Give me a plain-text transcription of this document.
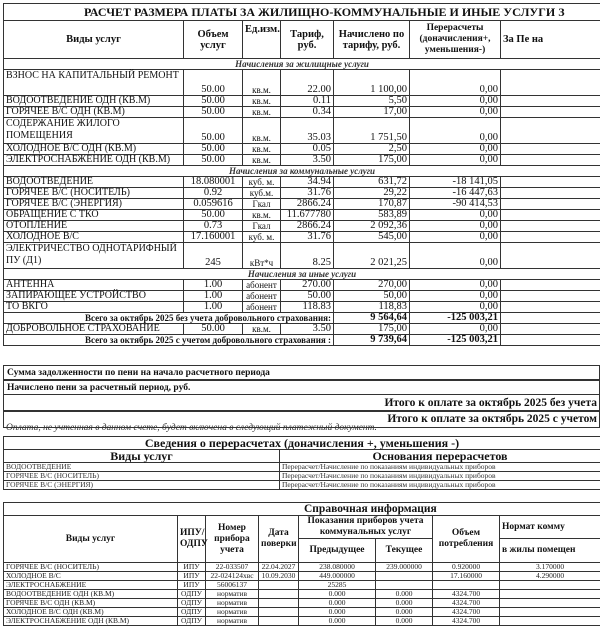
РАСЧЕТ РАЗМЕРА ПЛАТЫ ЗА ЖИЛИЩНО-КОММУНАЛЬНЫЕ И ИНЫЕ УСЛУГИ З						
Виды услуг	Объем услуг	Ед.изм.	Тариф, руб.	Начислено по тарифу, руб.	Перерасчеты (доначисления+, уменьшения-)	За Пе на
Начисления за жилищные услуги						
ВЗНОС НА КАПИТАЛЬНЫЙ РЕМОНТ	50.00	кв.м.	22.00	1 100,00	0,00	
ВОДООТВЕДЕНИЕ ОДН (КВ.М)	50.00	кв.м.	0.11	5,50	0,00	
ГОРЯЧЕЕ В/С ОДН (КВ.М)	50.00	кв.м.	0.34	17,00	0,00	
СОДЕРЖАНИЕ ЖИЛОГО ПОМЕЩЕНИЯ	50.00	кв.м.	35.03	1 751,50	0,00	
ХОЛОДНОЕ В/С ОДН (КВ.М)	50.00	кв.м.	0.05	2,50	0,00	
ЭЛЕКТРОСНАБЖЕНИЕ ОДН (КВ.М)	50.00	кв.м.	3.50	175,00	0,00	
Начисления за коммунальные услуги						
ВОДООТВЕДЕНИЕ	18.080001	куб. м.	34.94	631,72	-18 141,05	
ГОРЯЧЕЕ В/С (НОСИТЕЛЬ)	0.92	куб.м.	31.76	29,22	-16 447,63	
ГОРЯЧЕЕ В/С (ЭНЕРГИЯ)	0.059616	Гкал	2866.24	170,87	-90 414,53	
ОБРАЩЕНИЕ С ТКО	50.00	кв.м.	11.677780	583,89	0,00	
ОТОПЛЕНИЕ	0.73	Гкал	2866.24	2 092,36	0,00	
ХОЛОДНОЕ В/С	17.160001	куб. м.	31.76	545,00	0,00	
ЭЛЕКТРИЧЕСТВО ОДНОТАРИФНЫЙ ПУ (Д1)	245	кВт*ч	8.25	2 021,25	0,00	
Начисления за иные услуги						
АНТЕННА	1.00	абонент	270.00	270,00	0,00	
ЗАПИРАЮЩЕЕ УСТРОЙСТВО	1.00	абонент	50.00	50,00	0,00	
ТО ВКГО	1.00	абонент	118.83	118,83	0,00	
Всего за октябрь 2025 без учета добровольного страхования:				9 564,64	-125 003,21	
ДОБРОВОЛЬНОЕ СТРАХОВАНИЕ	50.00	кв.м.	3.50	175,00	0,00	
Всего за октябрь 2025 с учетом добровольного страхования :				9 739,64	-125 003,21	
Сумма задолженности по пени на начало расчетного периода
Начислено пени за расчетный период, руб.
Итого к оплате за октябрь 2025 без учета
Итого к оплате за октябрь 2025 с учетом
Оплата, не учтенная в данном счете, будет включена в следующий платежный документ.
Сведения о перерасчетах (доначисления +, уменьшения -)	
Виды услуг	Основания перерасчетов
ВОДООТВЕДЕНИЕ	Перерасчет/Начисление по показаниям индивидуальных приборов
ГОРЯЧЕЕ В/С (НОСИТЕЛЬ)	Перерасчет/Начисление по показаниям индивидуальных приборов
ГОРЯЧЕЕ В/С (ЭНЕРГИЯ)	Перерасчет/Начисление по показаниям индивидуальных приборов
Справочная информация							
Виды услуг	ИПУ/ ОДПУ	Номер прибора учета	Дата поверки	Показания приборов учета коммунальных услуг		Объем потребления	Нормат комму
				Предыдущее	Текущее		в жилы помещен
ГОРЯЧЕЕ В/С (НОСИТЕЛЬ)	ИПУ	22-033507	22.04.2027	238.080000	239.000000	0.920000	3.170000
ХОЛОДНОЕ В/С	ИПУ	22-024124хвс	10.09.2030	449.000000		17.160000	4.290000
ЭЛЕКТРОСНАБЖЕНИЕ	ИПУ	56006137		25285			
ВОДООТВЕДЕНИЕ ОДН (КВ.М)	ОДПУ	норматив		0.000	0.000	4324.700	
ГОРЯЧЕЕ В/С ОДН (КВ.М)	ОДПУ	норматив		0.000	0.000	4324.700	
ХОЛОДНОЕ В/С ОДН (КВ.М)	ОДПУ	норматив		0.000	0.000	4324.700	
ЭЛЕКТРОСНАБЖЕНИЕ ОДН (КВ.М)	ОДПУ	норматив		0.000	0.000	4324.700	
